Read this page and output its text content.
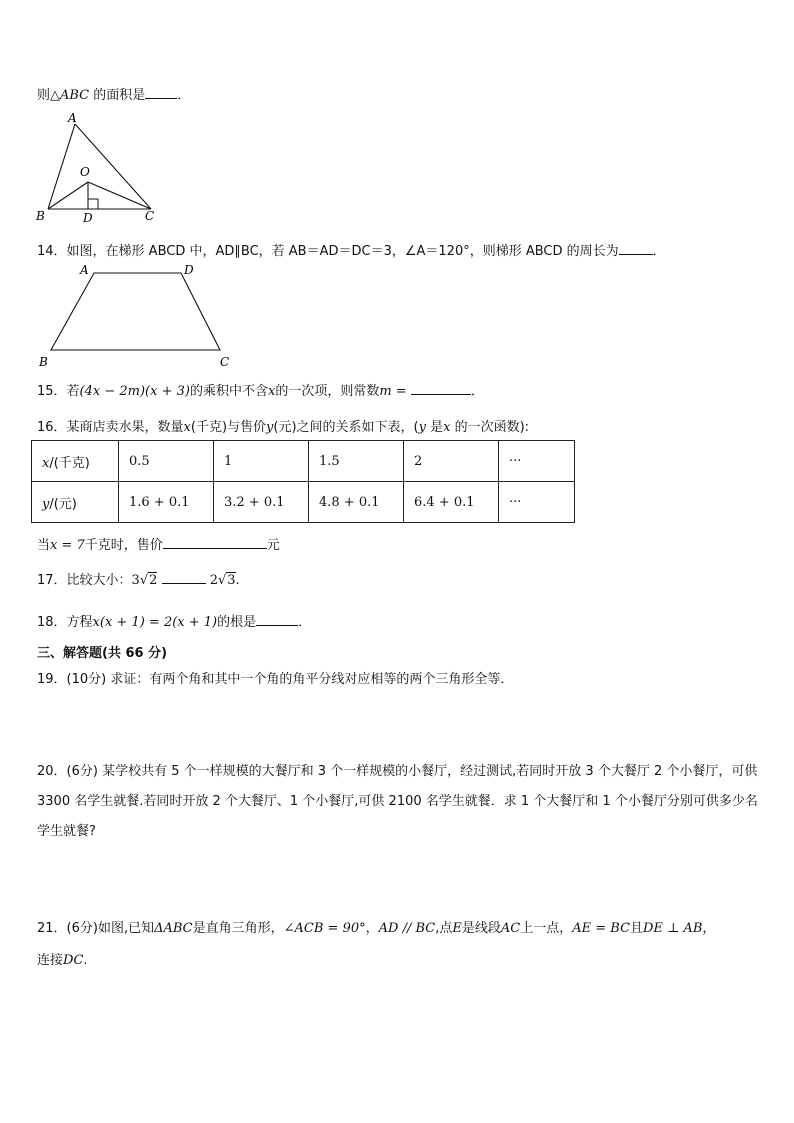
则△ABC 的面积是 ．
A
O
B	D	C
14．如图，在梯形 ABCD 中，AD∥BC，若 AB＝AD＝DC＝3，∠A＝120°，则梯形 ABCD 的周长为	．
A	D
B	C
15．若(4x − 2m)(x + 3)的乘积中不含x的一次项，则常数m =	．
16．某商店卖水果，数量x(千克)与售价y(元)之间的关系如下表，(y 是x 的一次函数):
x/(千克)	0.5	1	1.5	2	···
y/(元)	1.6 + 0.1	3.2 + 0.1	4.8 + 0.1	6.4 + 0.1	···
当x = 7千克时，售价	元
17．比较大小：3√2	2√3.
18．方程x(x + 1) = 2(x + 1)的根是	．
三、解答题(共 66 分)
19．(10分) 求证：有两个角和其中一个角的角平分线对应相等的两个三角形全等．
20．(6分) 某学校共有 5 个一样规模的大餐厅和 3 个一样规模的小餐厅，经过测试,若同时开放 3 个大餐厅 2 个小餐厅，可供 3300 名学生就餐.若同时开放 2 个大餐厅、1 个小餐厅,可供 2100 名学生就餐．求 1 个大餐厅和 1 个小餐厅分别可供多少名学生就餐?
21．(6分)如图,已知ΔABC是直角三角形，∠ACB = 90°，AD // BC,点E是线段AC上一点，AE = BC且DE ⊥ AB，
连接DC.
